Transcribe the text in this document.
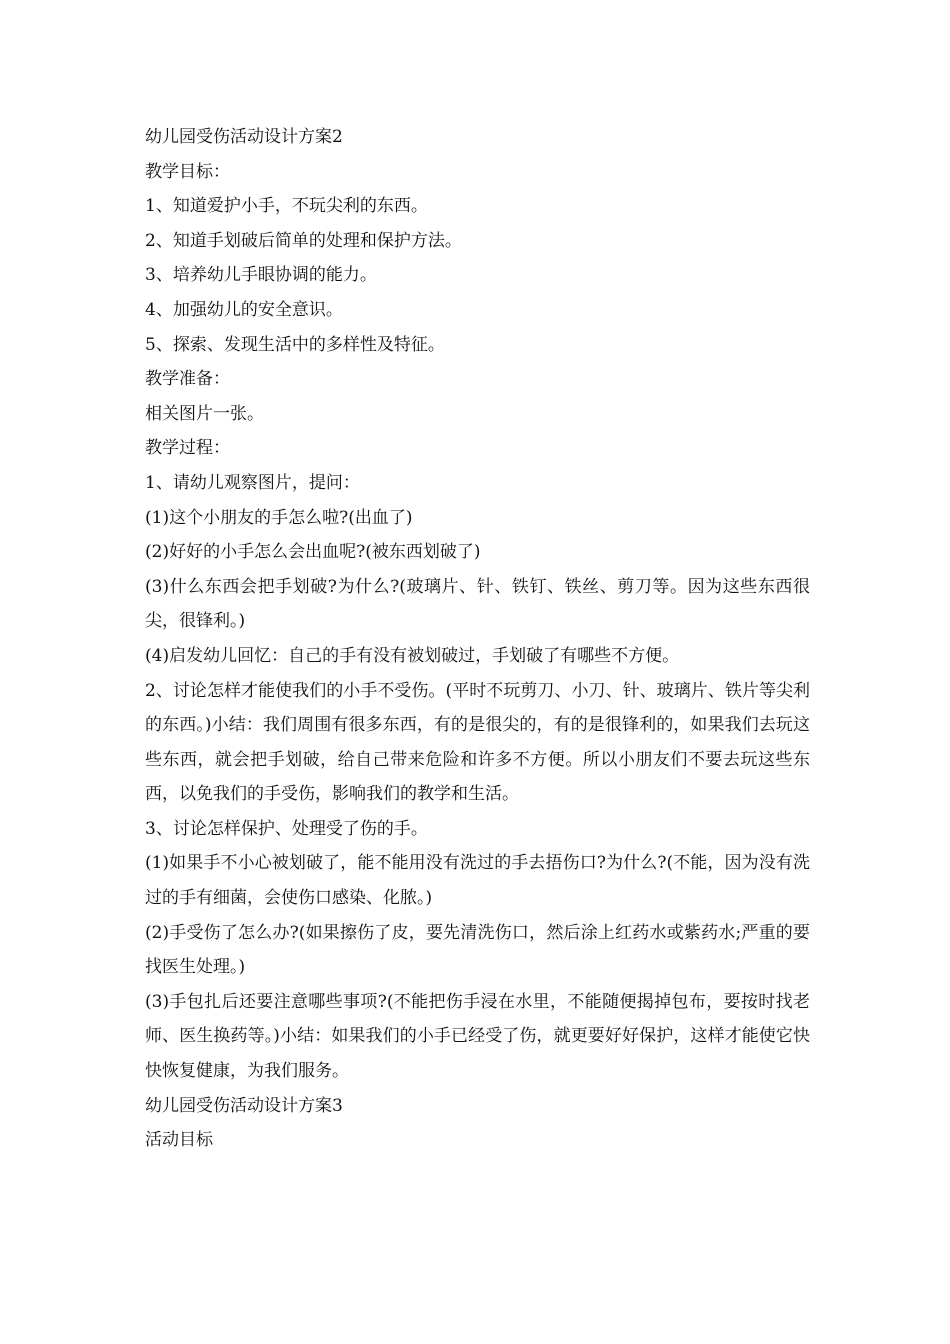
幼儿园受伤活动设计方案2

教学目标：

1、知道爱护小手，不玩尖利的东西。

2、知道手划破后简单的处理和保护方法。

3、培养幼儿手眼协调的能力。

4、加强幼儿的安全意识。

5、探索、发现生活中的多样性及特征。

教学准备：

相关图片一张。

教学过程：

1、请幼儿观察图片，提问：

(1)这个小朋友的手怎么啦?(出血了)

(2)好好的小手怎么会出血呢?(被东西划破了)

(3)什么东西会把手划破?为什么?(玻璃片、针、铁钉、铁丝、剪刀等。因为这些东西很尖，很锋利。)

(4)启发幼儿回忆：自己的手有没有被划破过，手划破了有哪些不方便。

2、讨论怎样才能使我们的小手不受伤。(平时不玩剪刀、小刀、针、玻璃片、铁片等尖利的东西。)小结：我们周围有很多东西，有的是很尖的，有的是很锋利的，如果我们去玩这些东西，就会把手划破，给自己带来危险和许多不方便。所以小朋友们不要去玩这些东西，以免我们的手受伤，影响我们的教学和生活。

3、讨论怎样保护、处理受了伤的手。

(1)如果手不小心被划破了，能不能用没有洗过的手去捂伤口?为什么?(不能，因为没有洗过的手有细菌，会使伤口感染、化脓。)

(2)手受伤了怎么办?(如果擦伤了皮，要先清洗伤口，然后涂上红药水或紫药水;严重的要找医生处理。)

(3)手包扎后还要注意哪些事项?(不能把伤手浸在水里，不能随便揭掉包布，要按时找老师、医生换药等。)小结：如果我们的小手已经受了伤，就更要好好保护，这样才能使它快快恢复健康，为我们服务。

幼儿园受伤活动设计方案3

活动目标
